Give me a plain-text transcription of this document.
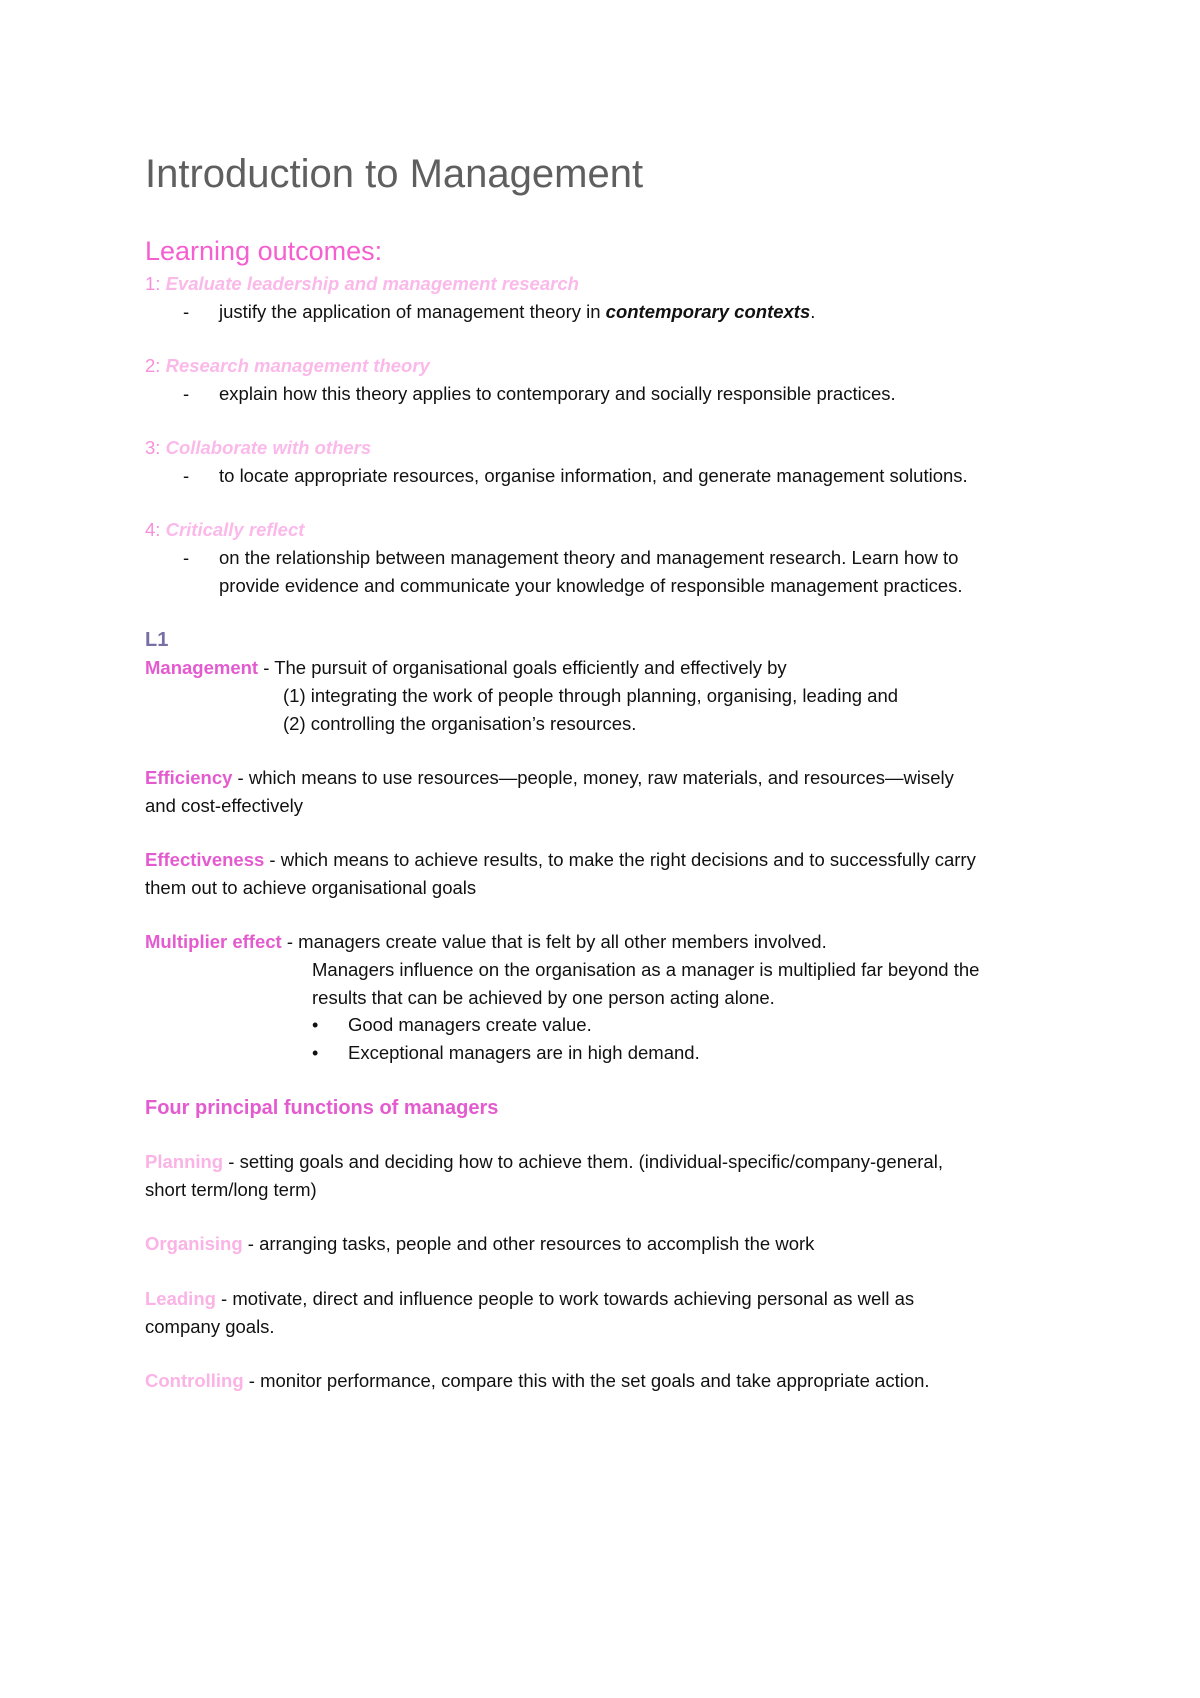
Introduction to Management
Learning outcomes:
1: Evaluate leadership and management research
- justify the application of management theory in contemporary contexts.
2: Research management theory
- explain how this theory applies to contemporary and socially responsible practices.
3: Collaborate with others
- to locate appropriate resources, organise information, and generate management solutions.
4: Critically reflect
- on the relationship between management theory and management research. Learn how to
provide evidence and communicate your knowledge of responsible management practices.
L1
Management - The pursuit of organisational goals efficiently and effectively by
(1) integrating the work of people through planning, organising, leading and
(2) controlling the organisation’s resources.
Efficiency - which means to use resources—people, money, raw materials, and resources—wisely
and cost-effectively
Effectiveness - which means to achieve results, to make the right decisions and to successfully carry
them out to achieve organisational goals
Multiplier effect - managers create value that is felt by all other members involved.
Managers influence on the organisation as a manager is multiplied far beyond the
results that can be achieved by one person acting alone.
• Good managers create value.
• Exceptional managers are in high demand.
Four principal functions of managers
Planning - setting goals and deciding how to achieve them. (individual-specific/company-general,
short term/long term)
Organising - arranging tasks, people and other resources to accomplish the work
Leading - motivate, direct and influence people to work towards achieving personal as well as
company goals.
Controlling - monitor performance, compare this with the set goals and take appropriate action.
